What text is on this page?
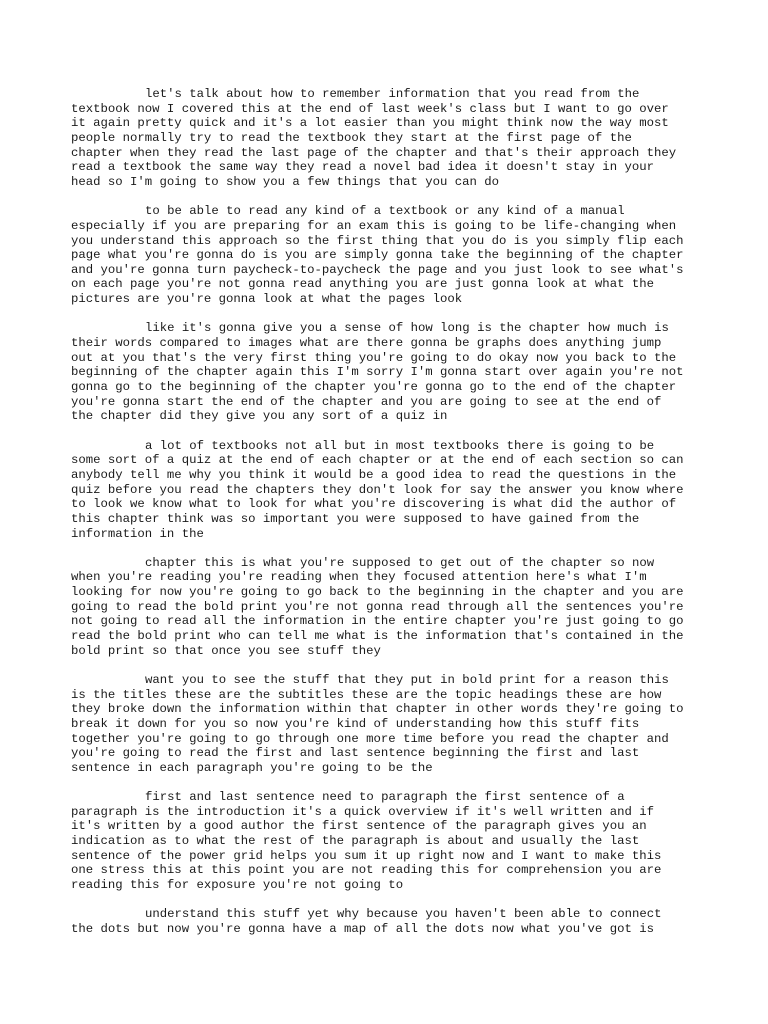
let's talk about how to remember information that you read from the
textbook now I covered this at the end of last week's class but I want to go over
it again pretty quick and it's a lot easier than you might think now the way most
people normally try to read the textbook they start at the first page of the
chapter when they read the last page of the chapter and that's their approach they
read a textbook the same way they read a novel bad idea it doesn't stay in your
head so I'm going to show you a few things that you can do

to be able to read any kind of a textbook or any kind of a manual
especially if you are preparing for an exam this is going to be life-changing when
you understand this approach so the first thing that you do is you simply flip each
page what you're gonna do is you are simply gonna take the beginning of the chapter
and you're gonna turn paycheck-to-paycheck the page and you just look to see what's
on each page you're not gonna read anything you are just gonna look at what the
pictures are you're gonna look at what the pages look

like it's gonna give you a sense of how long is the chapter how much is
their words compared to images what are there gonna be graphs does anything jump
out at you that's the very first thing you're going to do okay now you back to the
beginning of the chapter again this I'm sorry I'm gonna start over again you're not
gonna go to the beginning of the chapter you're gonna go to the end of the chapter
you're gonna start the end of the chapter and you are going to see at the end of
the chapter did they give you any sort of a quiz in

a lot of textbooks not all but in most textbooks there is going to be
some sort of a quiz at the end of each chapter or at the end of each section so can
anybody tell me why you think it would be a good idea to read the questions in the
quiz before you read the chapters they don't look for say the answer you know where
to look we know what to look for what you're discovering is what did the author of
this chapter think was so important you were supposed to have gained from the
information in the

chapter this is what you're supposed to get out of the chapter so now
when you're reading you're reading when they focused attention here's what I'm
looking for now you're going to go back to the beginning in the chapter and you are
going to read the bold print you're not gonna read through all the sentences you're
not going to read all the information in the entire chapter you're just going to go
read the bold print who can tell me what is the information that's contained in the
bold print so that once you see stuff they

want you to see the stuff that they put in bold print for a reason this
is the titles these are the subtitles these are the topic headings these are how
they broke down the information within that chapter in other words they're going to
break it down for you so now you're kind of understanding how this stuff fits
together you're going to go through one more time before you read the chapter and
you're going to read the first and last sentence beginning the first and last
sentence in each paragraph you're going to be the

first and last sentence need to paragraph the first sentence of a
paragraph is the introduction it's a quick overview if it's well written and if
it's written by a good author the first sentence of the paragraph gives you an
indication as to what the rest of the paragraph is about and usually the last
sentence of the power grid helps you sum it up right now and I want to make this
one stress this at this point you are not reading this for comprehension you are
reading this for exposure you're not going to

understand this stuff yet why because you haven't been able to connect
the dots but now you're gonna have a map of all the dots now what you've got is
